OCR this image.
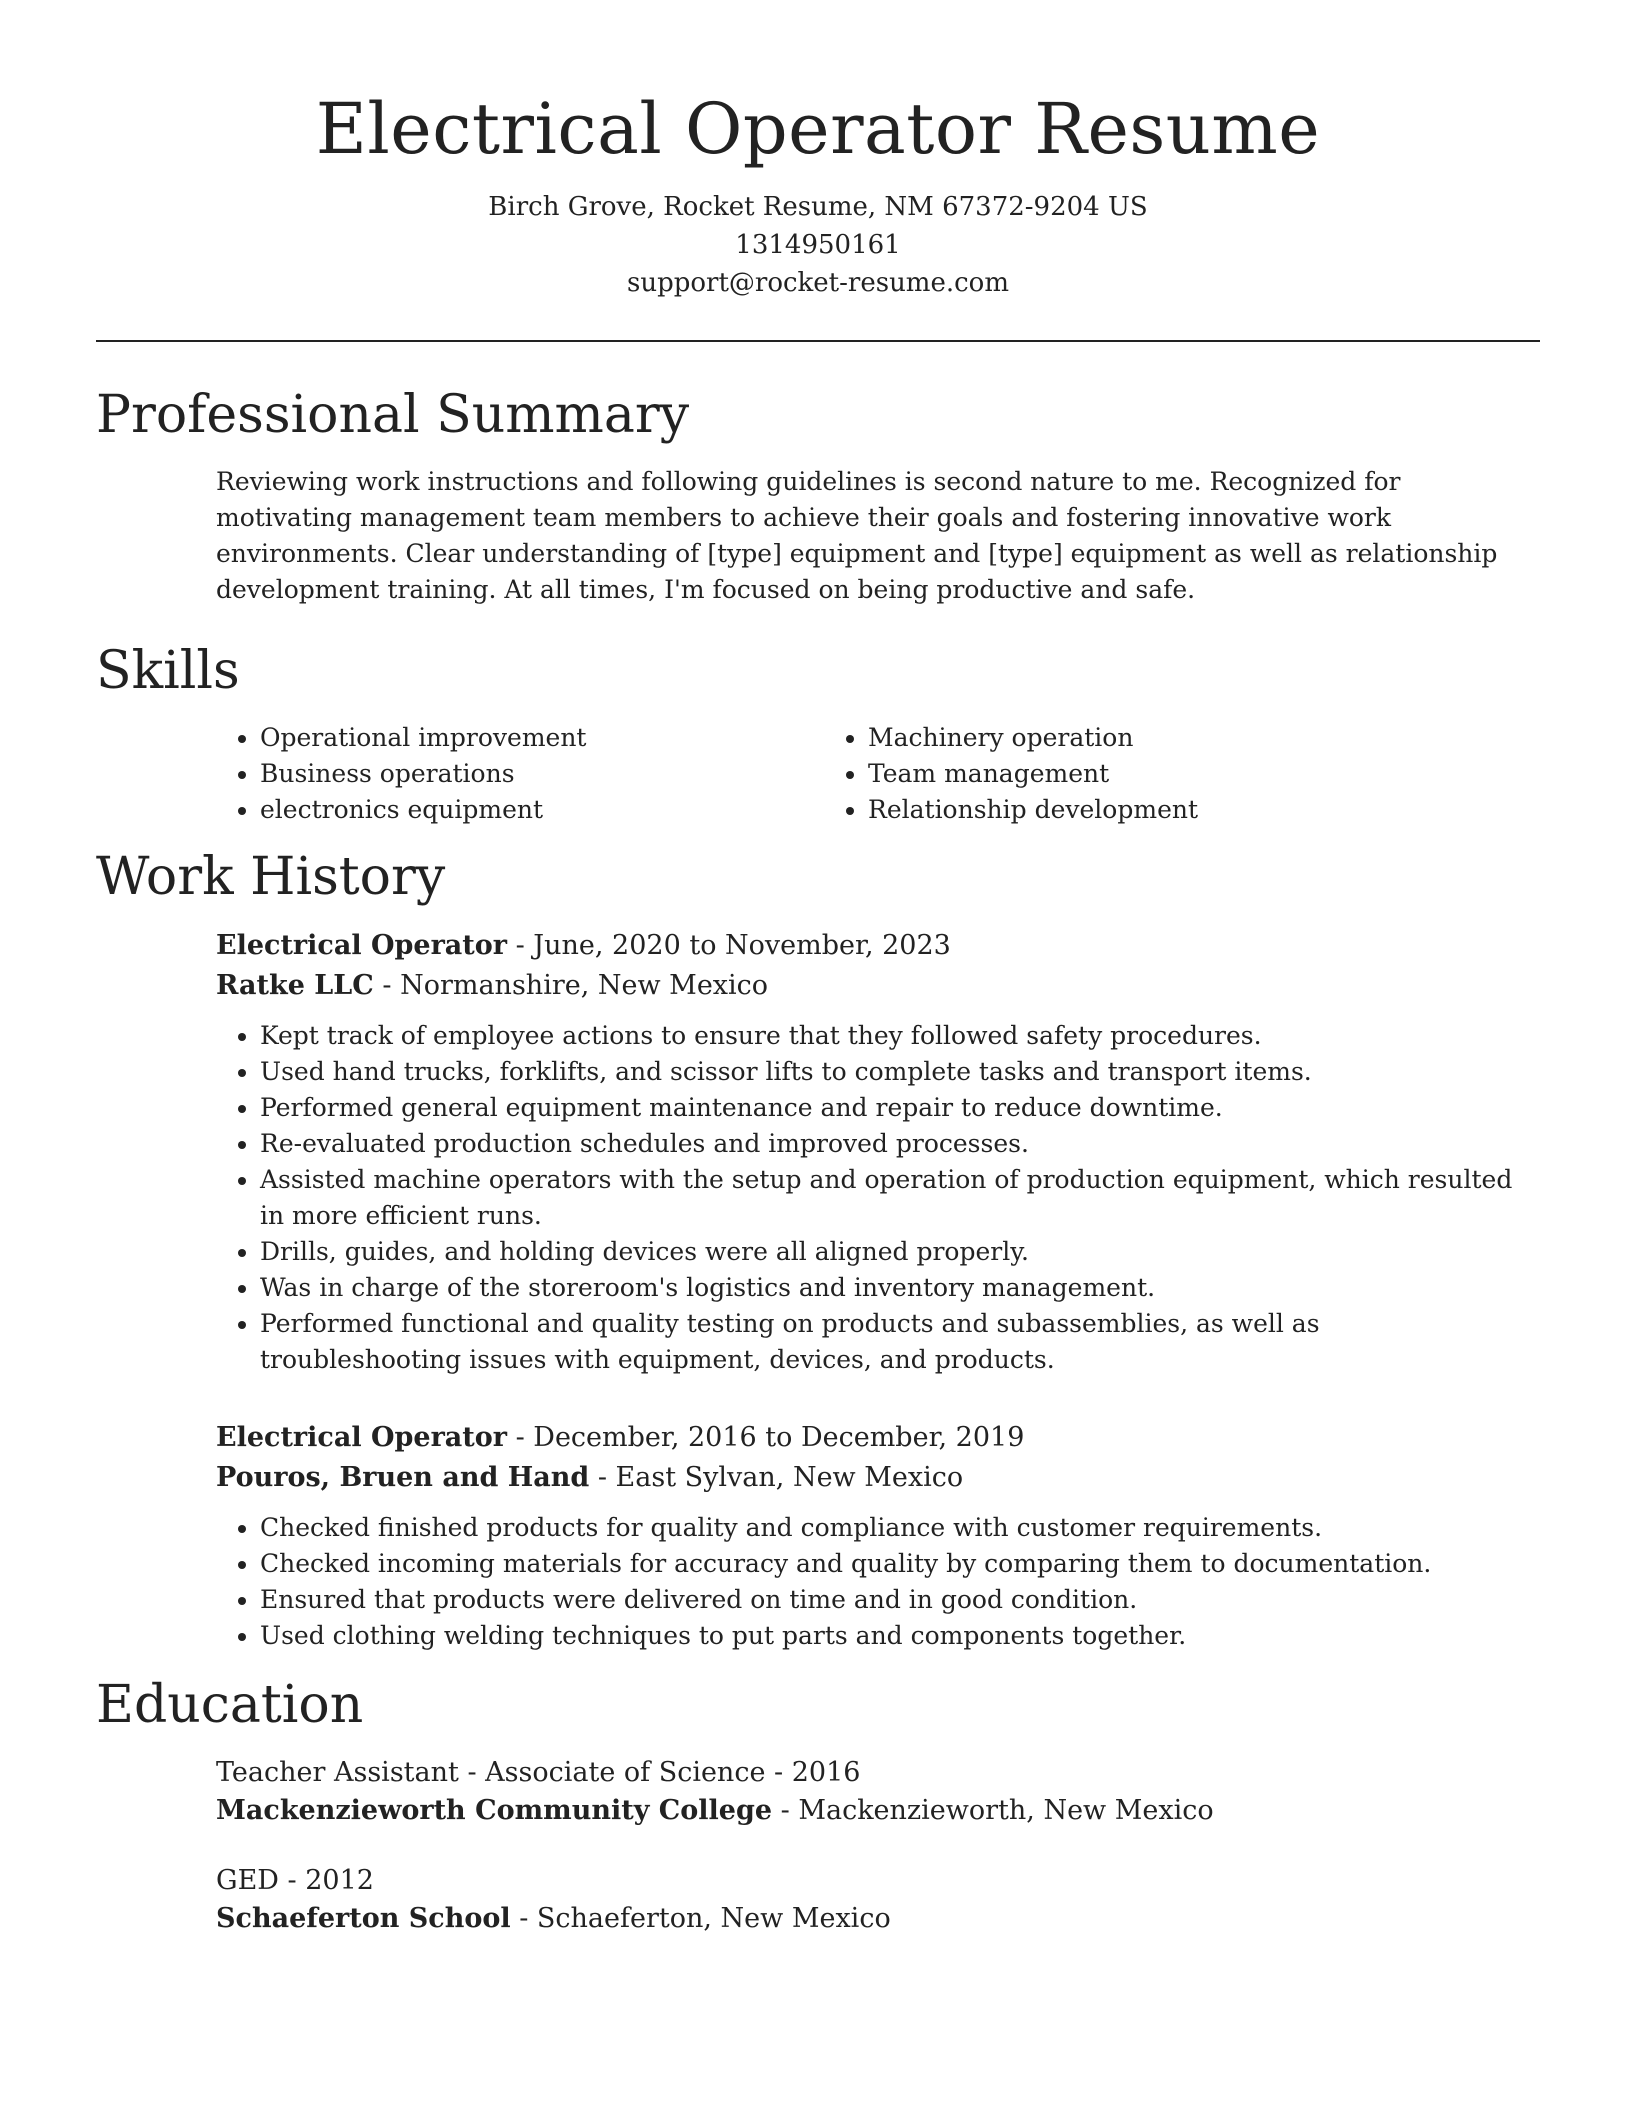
Electrical Operator Resume
Birch Grove, Rocket Resume, NM 67372-9204 US
1314950161
support@rocket-resume.com
Professional Summary

Reviewing work instructions and following guidelines is second nature to me. Recognized for motivating management team members to achieve their goals and fostering innovative work environments. Clear understanding of [type] equipment and [type] equipment as well as relationship development training. At all times, I'm focused on being productive and safe.

Skills
• Operational improvement
• Business operations
• electronics equipment
• Machinery operation
• Team management
• Relationship development
Work History
Electrical Operator - June, 2020 to November, 2023
Ratke LLC - Normanshire, New Mexico
• Kept track of employee actions to ensure that they followed safety procedures.
• Used hand trucks, forklifts, and scissor lifts to complete tasks and transport items.
• Performed general equipment maintenance and repair to reduce downtime.
• Re-evaluated production schedules and improved processes.
• Assisted machine operators with the setup and operation of production equipment, which resulted in more efficient runs.
• Drills, guides, and holding devices were all aligned properly.
• Was in charge of the storeroom's logistics and inventory management.
• Performed functional and quality testing on products and subassemblies, as well as troubleshooting issues with equipment, devices, and products.
Electrical Operator - December, 2016 to December, 2019
Pouros, Bruen and Hand - East Sylvan, New Mexico
• Checked finished products for quality and compliance with customer requirements.
• Checked incoming materials for accuracy and quality by comparing them to documentation.
• Ensured that products were delivered on time and in good condition.
• Used clothing welding techniques to put parts and components together.
Education
Teacher Assistant - Associate of Science - 2016
Mackenzieworth Community College - Mackenzieworth, New Mexico
GED - 2012
Schaeferton School - Schaeferton, New Mexico
